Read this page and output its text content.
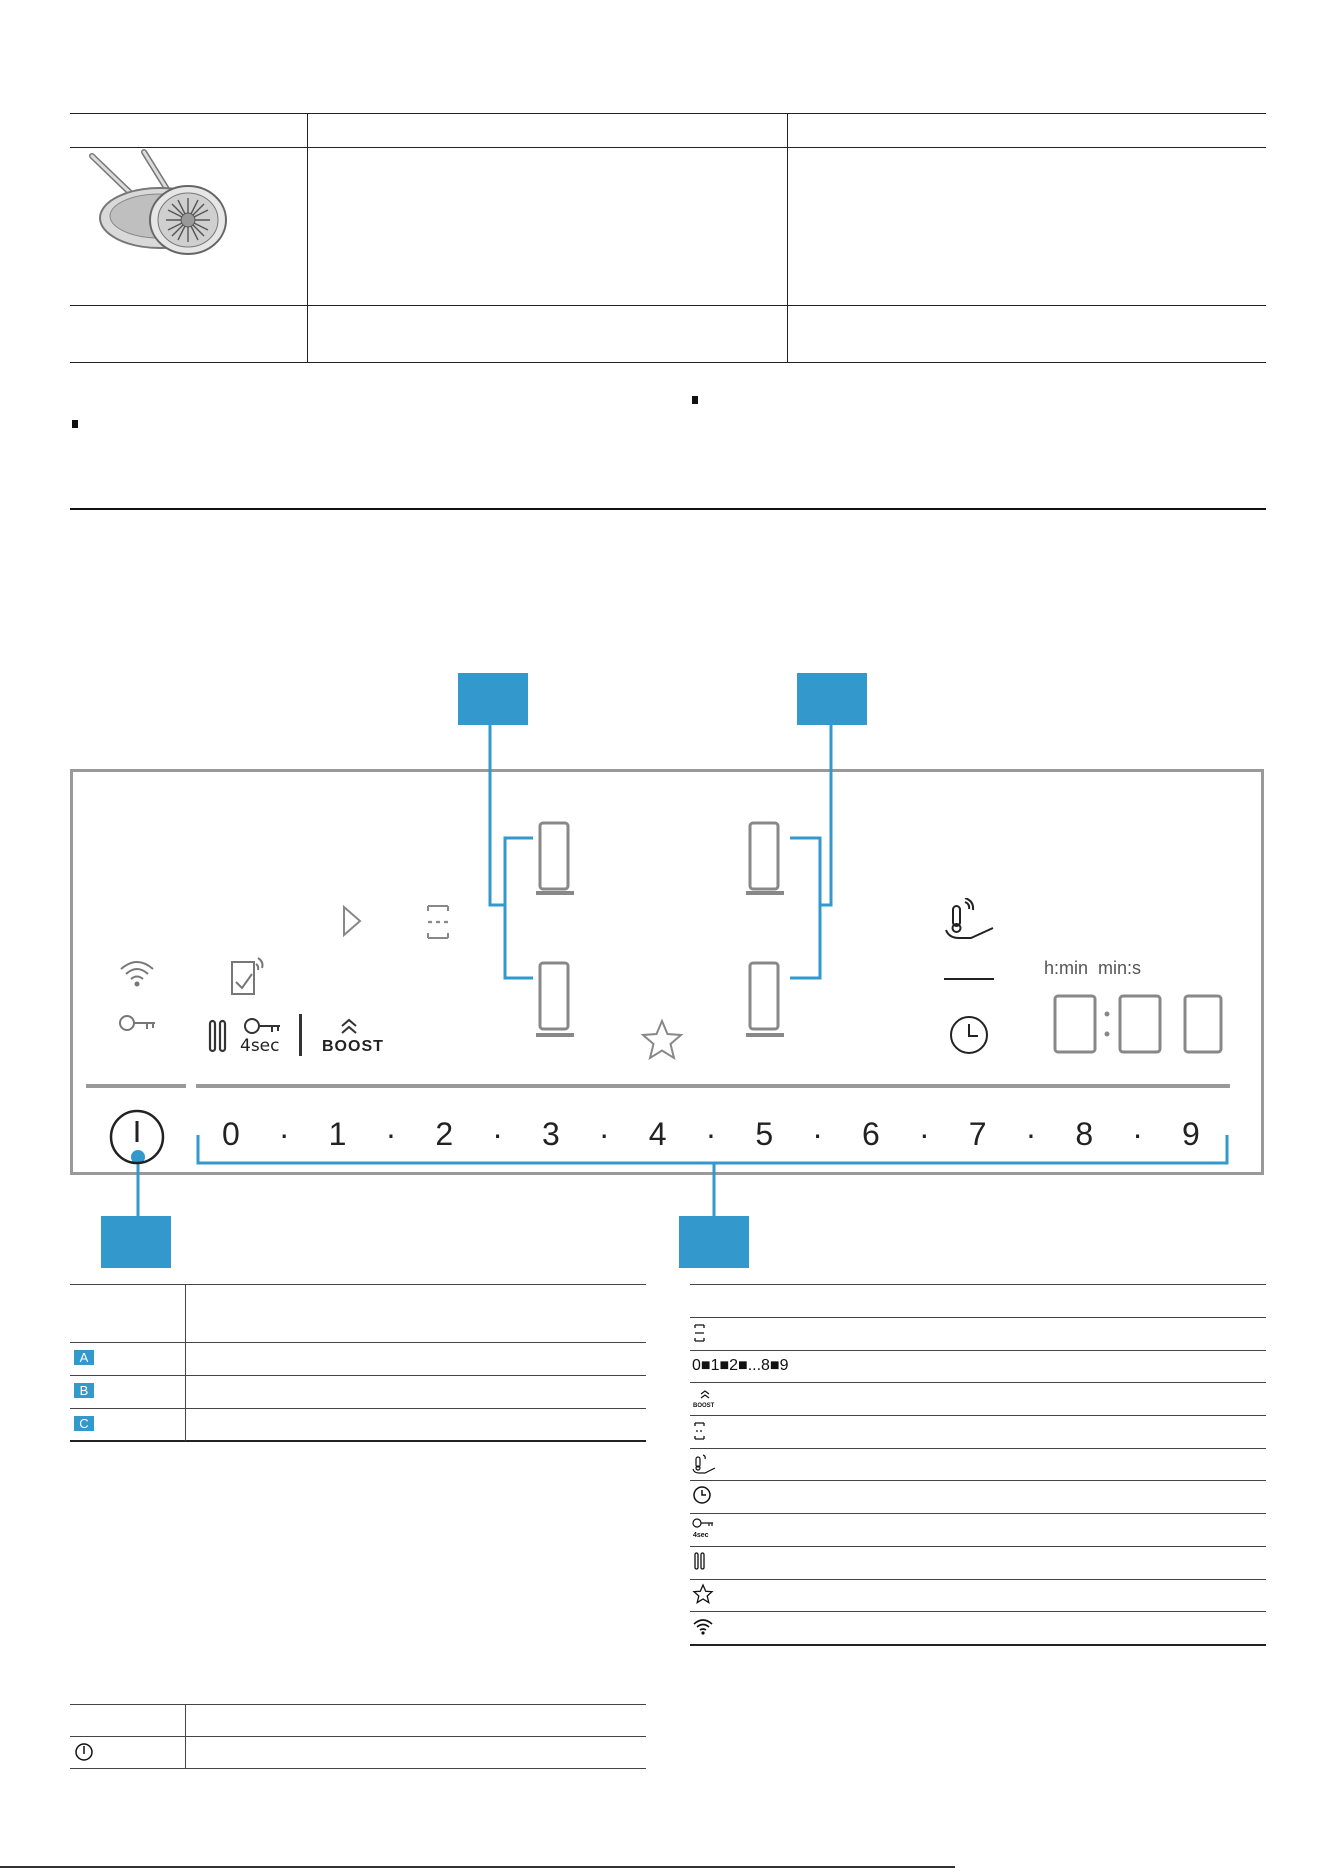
4sec	BOOST
h:min  min:s
0 · 1 · 2 · 3 · 4 · 5 · 6 · 7 · 8 · 9
A
B
C
0■1■2■...8■9
BOOST
4sec
